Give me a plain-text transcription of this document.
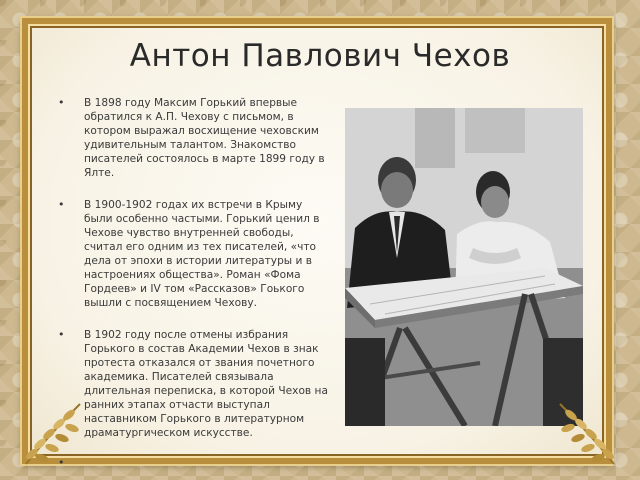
Антон Павлович Чехов
• В 1898 году Максим Горький впервые обратился к А.П. Чехову с письмом, в котором выражал восхищение чеховским удивительным талантом. Знакомство писателей состоялось в марте 1899 году в Ялте.
• В 1900-1902 годах их встречи в Крыму были особенно частыми. Горький ценил в Чехове чувство внутренней свободы, считал его одним из тех писателей, «что дела от эпохи в истории литературы и в настроениях общества». Роман «Фома Гордеев» и IV том «Рассказов» Гоького вышли с посвящением Чехову.
• В 1902 году после отмены избрания Горького в состав Академии Чехов в знак протеста отказался от звания почетного академика. Писателей связывала длительная переписка, в которой Чехов на ранних этапах отчасти выступал наставником Горького в литературном драматургическом искусстве.
•
